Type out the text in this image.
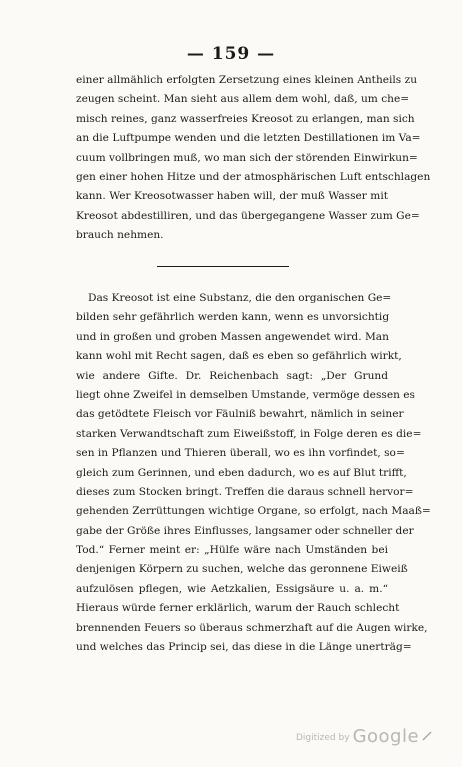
— 159 —
einer allmählich erfolgten Zersetzung eines kleinen Antheils zu
zeugen scheint. Man sieht aus allem dem wohl, daß, um che=
misch reines, ganz wasserfreies Kreosot zu erlangen, man sich
an die Luftpumpe wenden und die letzten Destillationen im Va=
cuum vollbringen muß, wo man sich der störenden Einwirkun=
gen einer hohen Hitze und der atmosphärischen Luft entschlagen
kann. Wer Kreosotwasser haben will, der muß Wasser mit
Kreosot abdestilliren, und das übergegangene Wasser zum Ge=
brauch nehmen.
Das Kreosot ist eine Substanz, die den organischen Ge=
bilden sehr gefährlich werden kann, wenn es unvorsichtig
und in großen und groben Massen angewendet wird. Man
kann wohl mit Recht sagen, daß es eben so gefährlich wirkt,
wie andere Gifte. Dr. Reichenbach sagt: „Der Grund
liegt ohne Zweifel in demselben Umstande, vermöge dessen es
das getödtete Fleisch vor Fäulniß bewahrt, nämlich in seiner
starken Verwandtschaft zum Eiweißstoff, in Folge deren es die=
sen in Pflanzen und Thieren überall, wo es ihn vorfindet, so=
gleich zum Gerinnen, und eben dadurch, wo es auf Blut trifft,
dieses zum Stocken bringt. Treffen die daraus schnell hervor=
gehenden Zerrüttungen wichtige Organe, so erfolgt, nach Maaß=
gabe der Größe ihres Einflusses, langsamer oder schneller der
Tod.“ Ferner meint er: „Hülfe wäre nach Umständen bei
denjenigen Körpern zu suchen, welche das geronnene Eiweiß
aufzulösen pflegen, wie Aetzkalien, Essigsäure u. a. m.“
Hieraus würde ferner erklärlich, warum der Rauch schlecht
brennenden Feuers so überaus schmerzhaft auf die Augen wirke,
und welches das Princip sei, das diese in die Länge unerträg=
Digitized by Google
